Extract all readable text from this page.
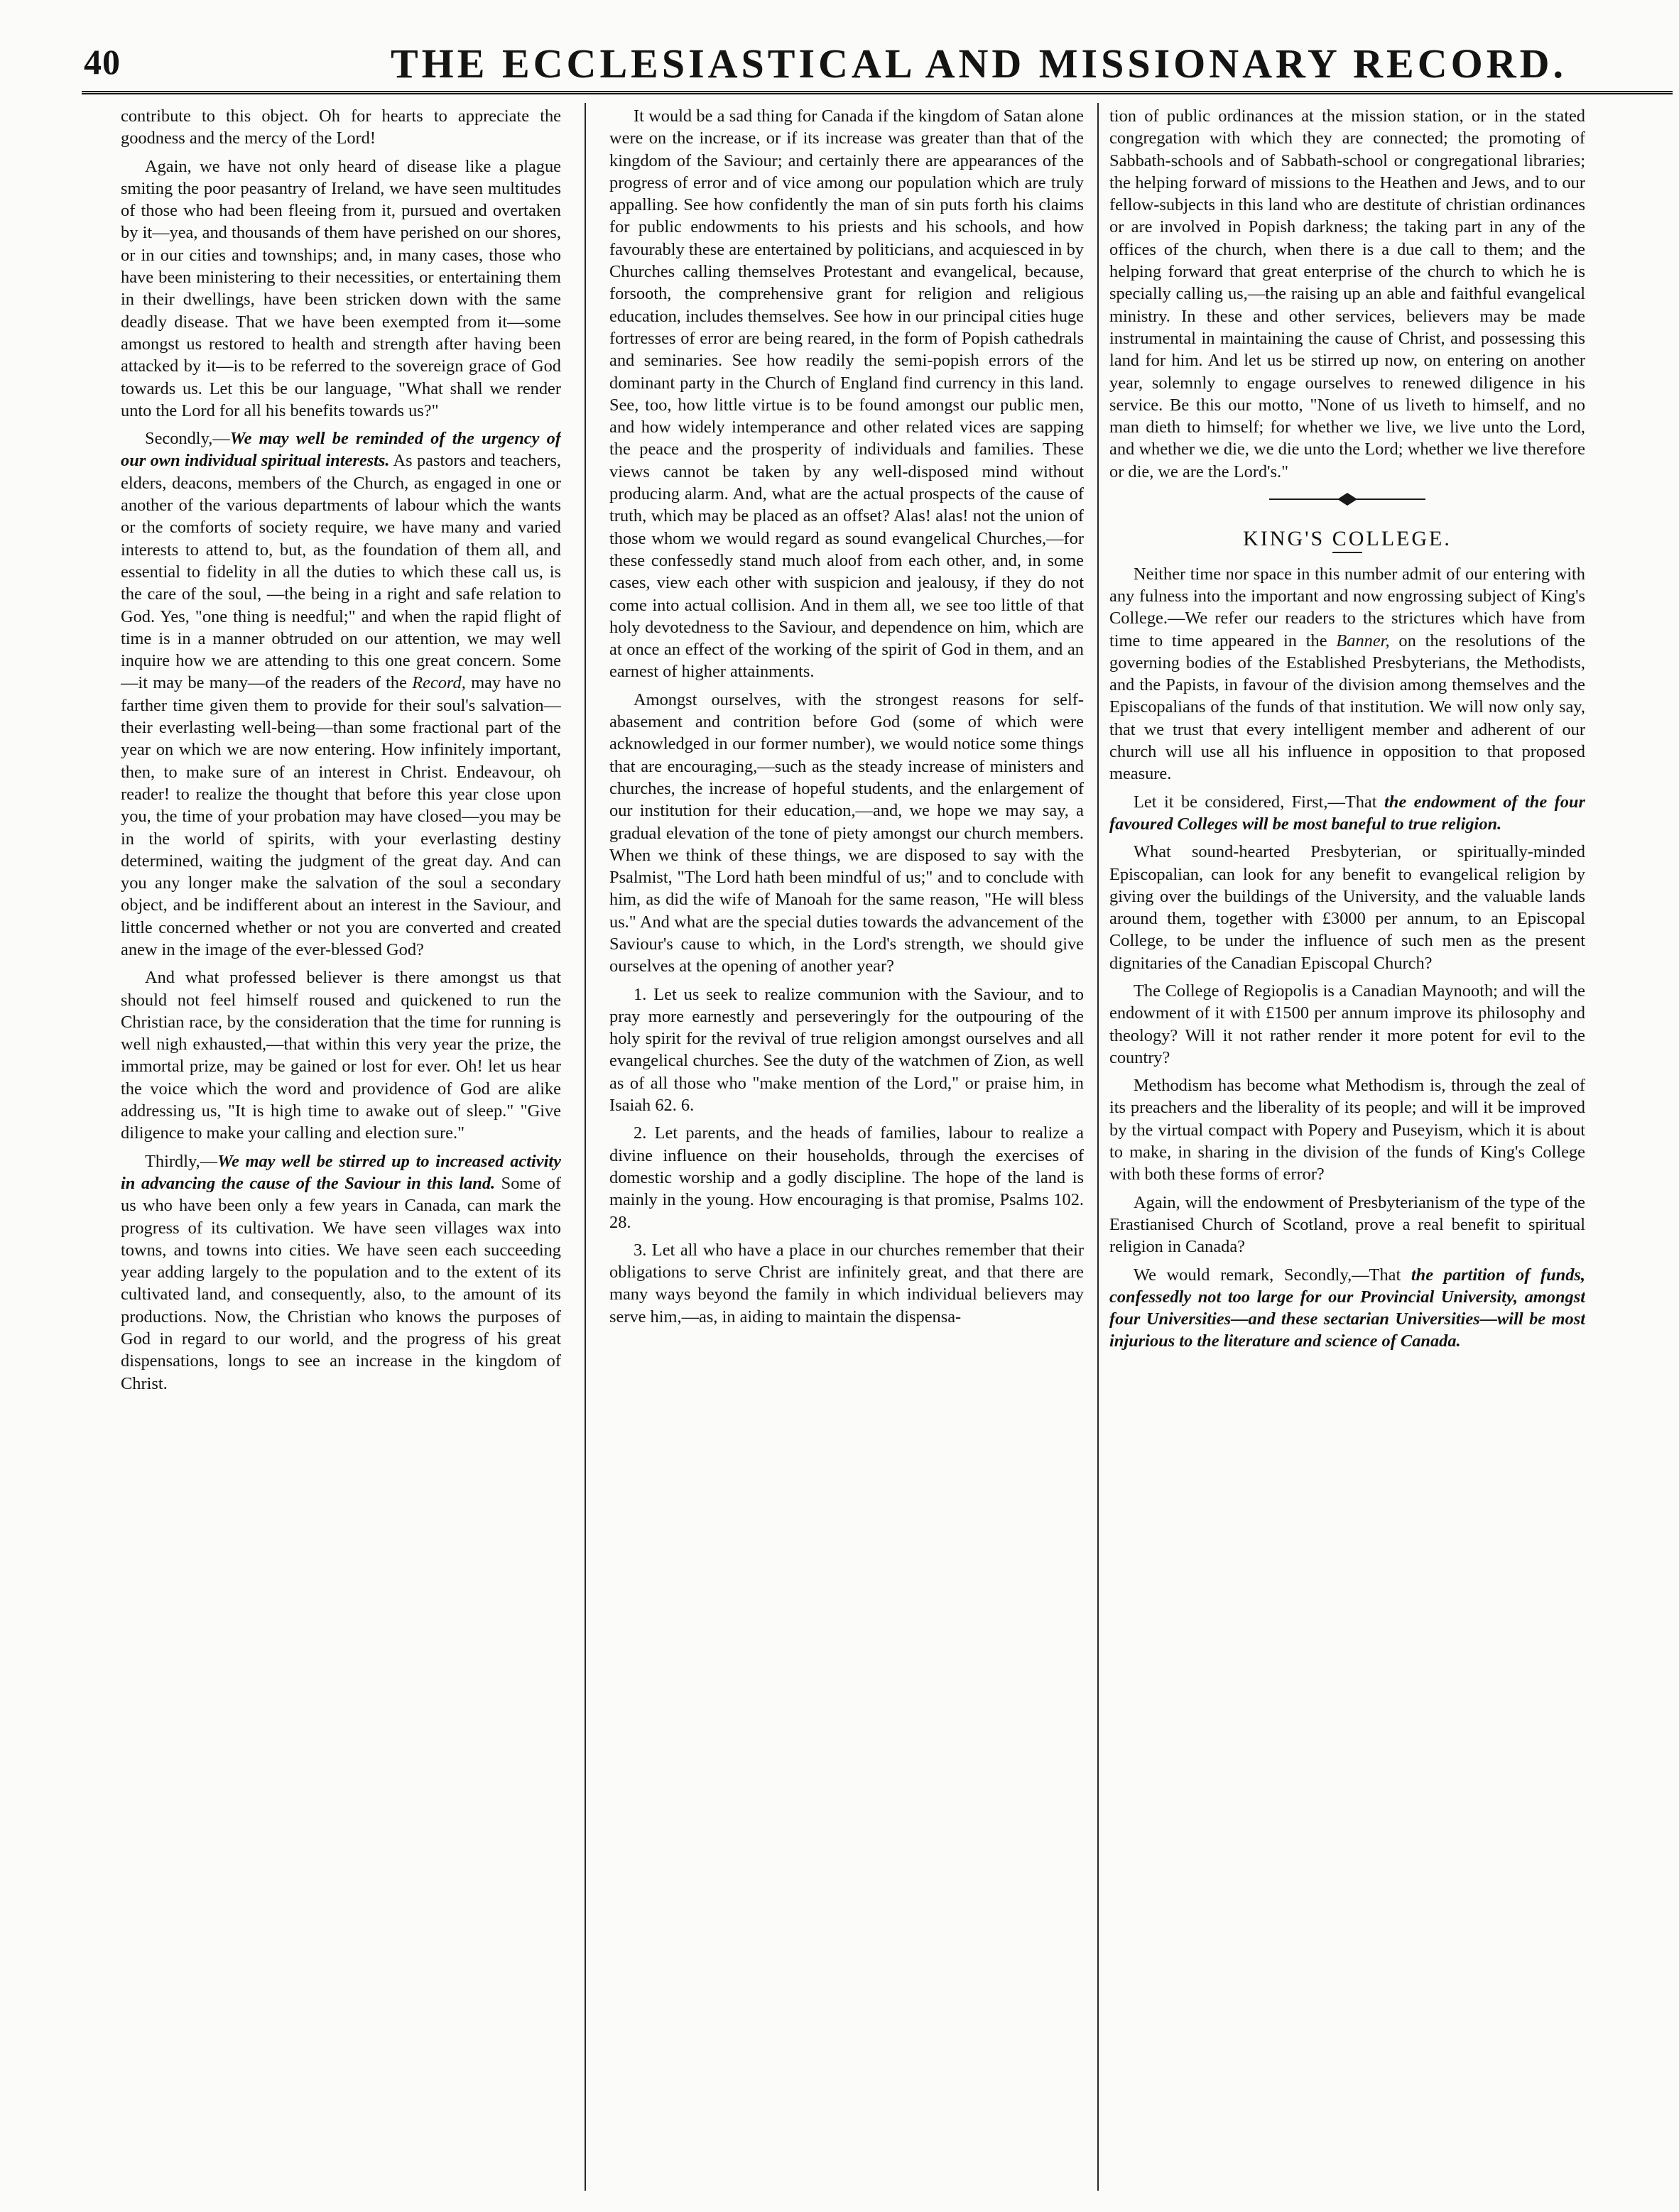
40	THE ECCLESIASTICAL AND MISSIONARY RECORD.

contribute to this object. Oh for hearts to appreciate the goodness and the mercy of the Lord!

Again, we have not only heard of disease like a plague smiting the poor peasantry of Ireland, we have seen multitudes of those who had been fleeing from it, pursued and overtaken by it—yea, and thousands of them have perished on our shores, or in our cities and townships; and, in many cases, those who have been ministering to their necessities, or entertaining them in their dwellings, have been stricken down with the same deadly disease. That we have been exempted from it—some amongst us restored to health and strength after having been attacked by it—is to be referred to the sovereign grace of God towards us. Let this be our language, "What shall we render unto the Lord for all his benefits towards us?"

Secondly,—We may well be reminded of the urgency of our own individual spiritual interests. As pastors and teachers, elders, deacons, members of the Church, as engaged in one or another of the various departments of labour which the wants or the comforts of society require, we have many and varied interests to attend to, but, as the foundation of them all, and essential to fidelity in all the duties to which these call us, is the care of the soul, —the being in a right and safe relation to God. Yes, "one thing is needful;" and when the rapid flight of time is in a manner obtruded on our attention, we may well inquire how we are attending to this one great concern. Some—it may be many—of the readers of the Record, may have no farther time given them to provide for their soul's salvation—their everlasting well-being—than some fractional part of the year on which we are now entering. How infinitely important, then, to make sure of an interest in Christ. Endeavour, oh reader! to realize the thought that before this year close upon you, the time of your probation may have closed—you may be in the world of spirits, with your everlasting destiny determined, waiting the judgment of the great day. And can you any longer make the salvation of the soul a secondary object, and be indifferent about an interest in the Saviour, and little concerned whether or not you are converted and created anew in the image of the ever-blessed God?

And what professed believer is there amongst us that should not feel himself roused and quickened to run the Christian race, by the consideration that the time for running is well nigh exhausted,—that within this very year the prize, the immortal prize, may be gained or lost for ever. Oh! let us hear the voice which the word and providence of God are alike addressing us, "It is high time to awake out of sleep." "Give diligence to make your calling and election sure."

Thirdly,—We may well be stirred up to increased activity in advancing the cause of the Saviour in this land. Some of us who have been only a few years in Canada, can mark the progress of its cultivation. We have seen villages wax into towns, and towns into cities. We have seen each succeeding year adding largely to the population and to the extent of its cultivated land, and consequently, also, to the amount of its productions. Now, the Christian who knows the purposes of God in regard to our world, and the progress of his great dispensations, longs to see an increase in the kingdom of Christ.

It would be a sad thing for Canada if the kingdom of Satan alone were on the increase, or if its increase was greater than that of the kingdom of the Saviour; and certainly there are appearances of the progress of error and of vice among our population which are truly appalling. See how confidently the man of sin puts forth his claims for public endowments to his priests and his schools, and how favourably these are entertained by politicians, and acquiesced in by Churches calling themselves Protestant and evangelical, because, forsooth, the comprehensive grant for religion and religious education, includes themselves. See how in our principal cities huge fortresses of error are being reared, in the form of Popish cathedrals and seminaries. See how readily the semi-popish errors of the dominant party in the Church of England find currency in this land. See, too, how little virtue is to be found amongst our public men, and how widely intemperance and other related vices are sapping the peace and the prosperity of individuals and families. These views cannot be taken by any well-disposed mind without producing alarm. And, what are the actual prospects of the cause of truth, which may be placed as an offset? Alas! alas! not the union of those whom we would regard as sound evangelical Churches,—for these confessedly stand much aloof from each other, and, in some cases, view each other with suspicion and jealousy, if they do not come into actual collision. And in them all, we see too little of that holy devotedness to the Saviour, and dependence on him, which are at once an effect of the working of the spirit of God in them, and an earnest of higher attainments.

Amongst ourselves, with the strongest reasons for self-abasement and contrition before God (some of which were acknowledged in our former number), we would notice some things that are encouraging,—such as the steady increase of ministers and churches, the increase of hopeful students, and the enlargement of our institution for their education,—and, we hope we may say, a gradual elevation of the tone of piety amongst our church members. When we think of these things, we are disposed to say with the Psalmist, "The Lord hath been mindful of us;" and to conclude with him, as did the wife of Manoah for the same reason, "He will bless us." And what are the special duties towards the advancement of the Saviour's cause to which, in the Lord's strength, we should give ourselves at the opening of another year?

1. Let us seek to realize communion with the Saviour, and to pray more earnestly and perseveringly for the outpouring of the holy spirit for the revival of true religion amongst ourselves and all evangelical churches. See the duty of the watchmen of Zion, as well as of all those who "make mention of the Lord," or praise him, in Isaiah 62. 6.

2. Let parents, and the heads of families, labour to realize a divine influence on their households, through the exercises of domestic worship and a godly discipline. The hope of the land is mainly in the young. How encouraging is that promise, Psalms 102. 28.

3. Let all who have a place in our churches remember that their obligations to serve Christ are infinitely great, and that there are many ways beyond the family in which individual believers may serve him,—as, in aiding to maintain the dispensa-

tion of public ordinances at the mission station, or in the stated congregation with which they are connected; the promoting of Sabbath-schools and of Sabbath-school or congregational libraries; the helping forward of missions to the Heathen and Jews, and to our fellow-subjects in this land who are destitute of christian ordinances or are involved in Popish darkness; the taking part in any of the offices of the church, when there is a due call to them; and the helping forward that great enterprise of the church to which he is specially calling us,—the raising up an able and faithful evangelical ministry. In these and other services, believers may be made instrumental in maintaining the cause of Christ, and possessing this land for him. And let us be stirred up now, on entering on another year, solemnly to engage ourselves to renewed diligence in his service. Be this our motto, "None of us liveth to himself, and no man dieth to himself; for whether we live, we live unto the Lord, and whether we die, we die unto the Lord; whether we live therefore or die, we are the Lord's."

KING'S COLLEGE.

Neither time nor space in this number admit of our entering with any fulness into the important and now engrossing subject of King's College.—We refer our readers to the strictures which have from time to time appeared in the Banner, on the resolutions of the governing bodies of the Established Presbyterians, the Methodists, and the Papists, in favour of the division among themselves and the Episcopalians of the funds of that institution. We will now only say, that we trust that every intelligent member and adherent of our church will use all his influence in opposition to that proposed measure.

Let it be considered, First,—That the endowment of the four favoured Colleges will be most baneful to true religion.

What sound-hearted Presbyterian, or spiritually-minded Episcopalian, can look for any benefit to evangelical religion by giving over the buildings of the University, and the valuable lands around them, together with £3000 per annum, to an Episcopal College, to be under the influence of such men as the present dignitaries of the Canadian Episcopal Church?

The College of Regiopolis is a Canadian Maynooth; and will the endowment of it with £1500 per annum improve its philosophy and theology? Will it not rather render it more potent for evil to the country?

Methodism has become what Methodism is, through the zeal of its preachers and the liberality of its people; and will it be improved by the virtual compact with Popery and Puseyism, which it is about to make, in sharing in the division of the funds of King's College with both these forms of error?

Again, will the endowment of Presbyterianism of the type of the Erastianised Church of Scotland, prove a real benefit to spiritual religion in Canada?

We would remark, Secondly,—That the partition of funds, confessedly not too large for our Provincial University, amongst four Universities—and these sectarian Universities—will be most injurious to the literature and science of Canada.
